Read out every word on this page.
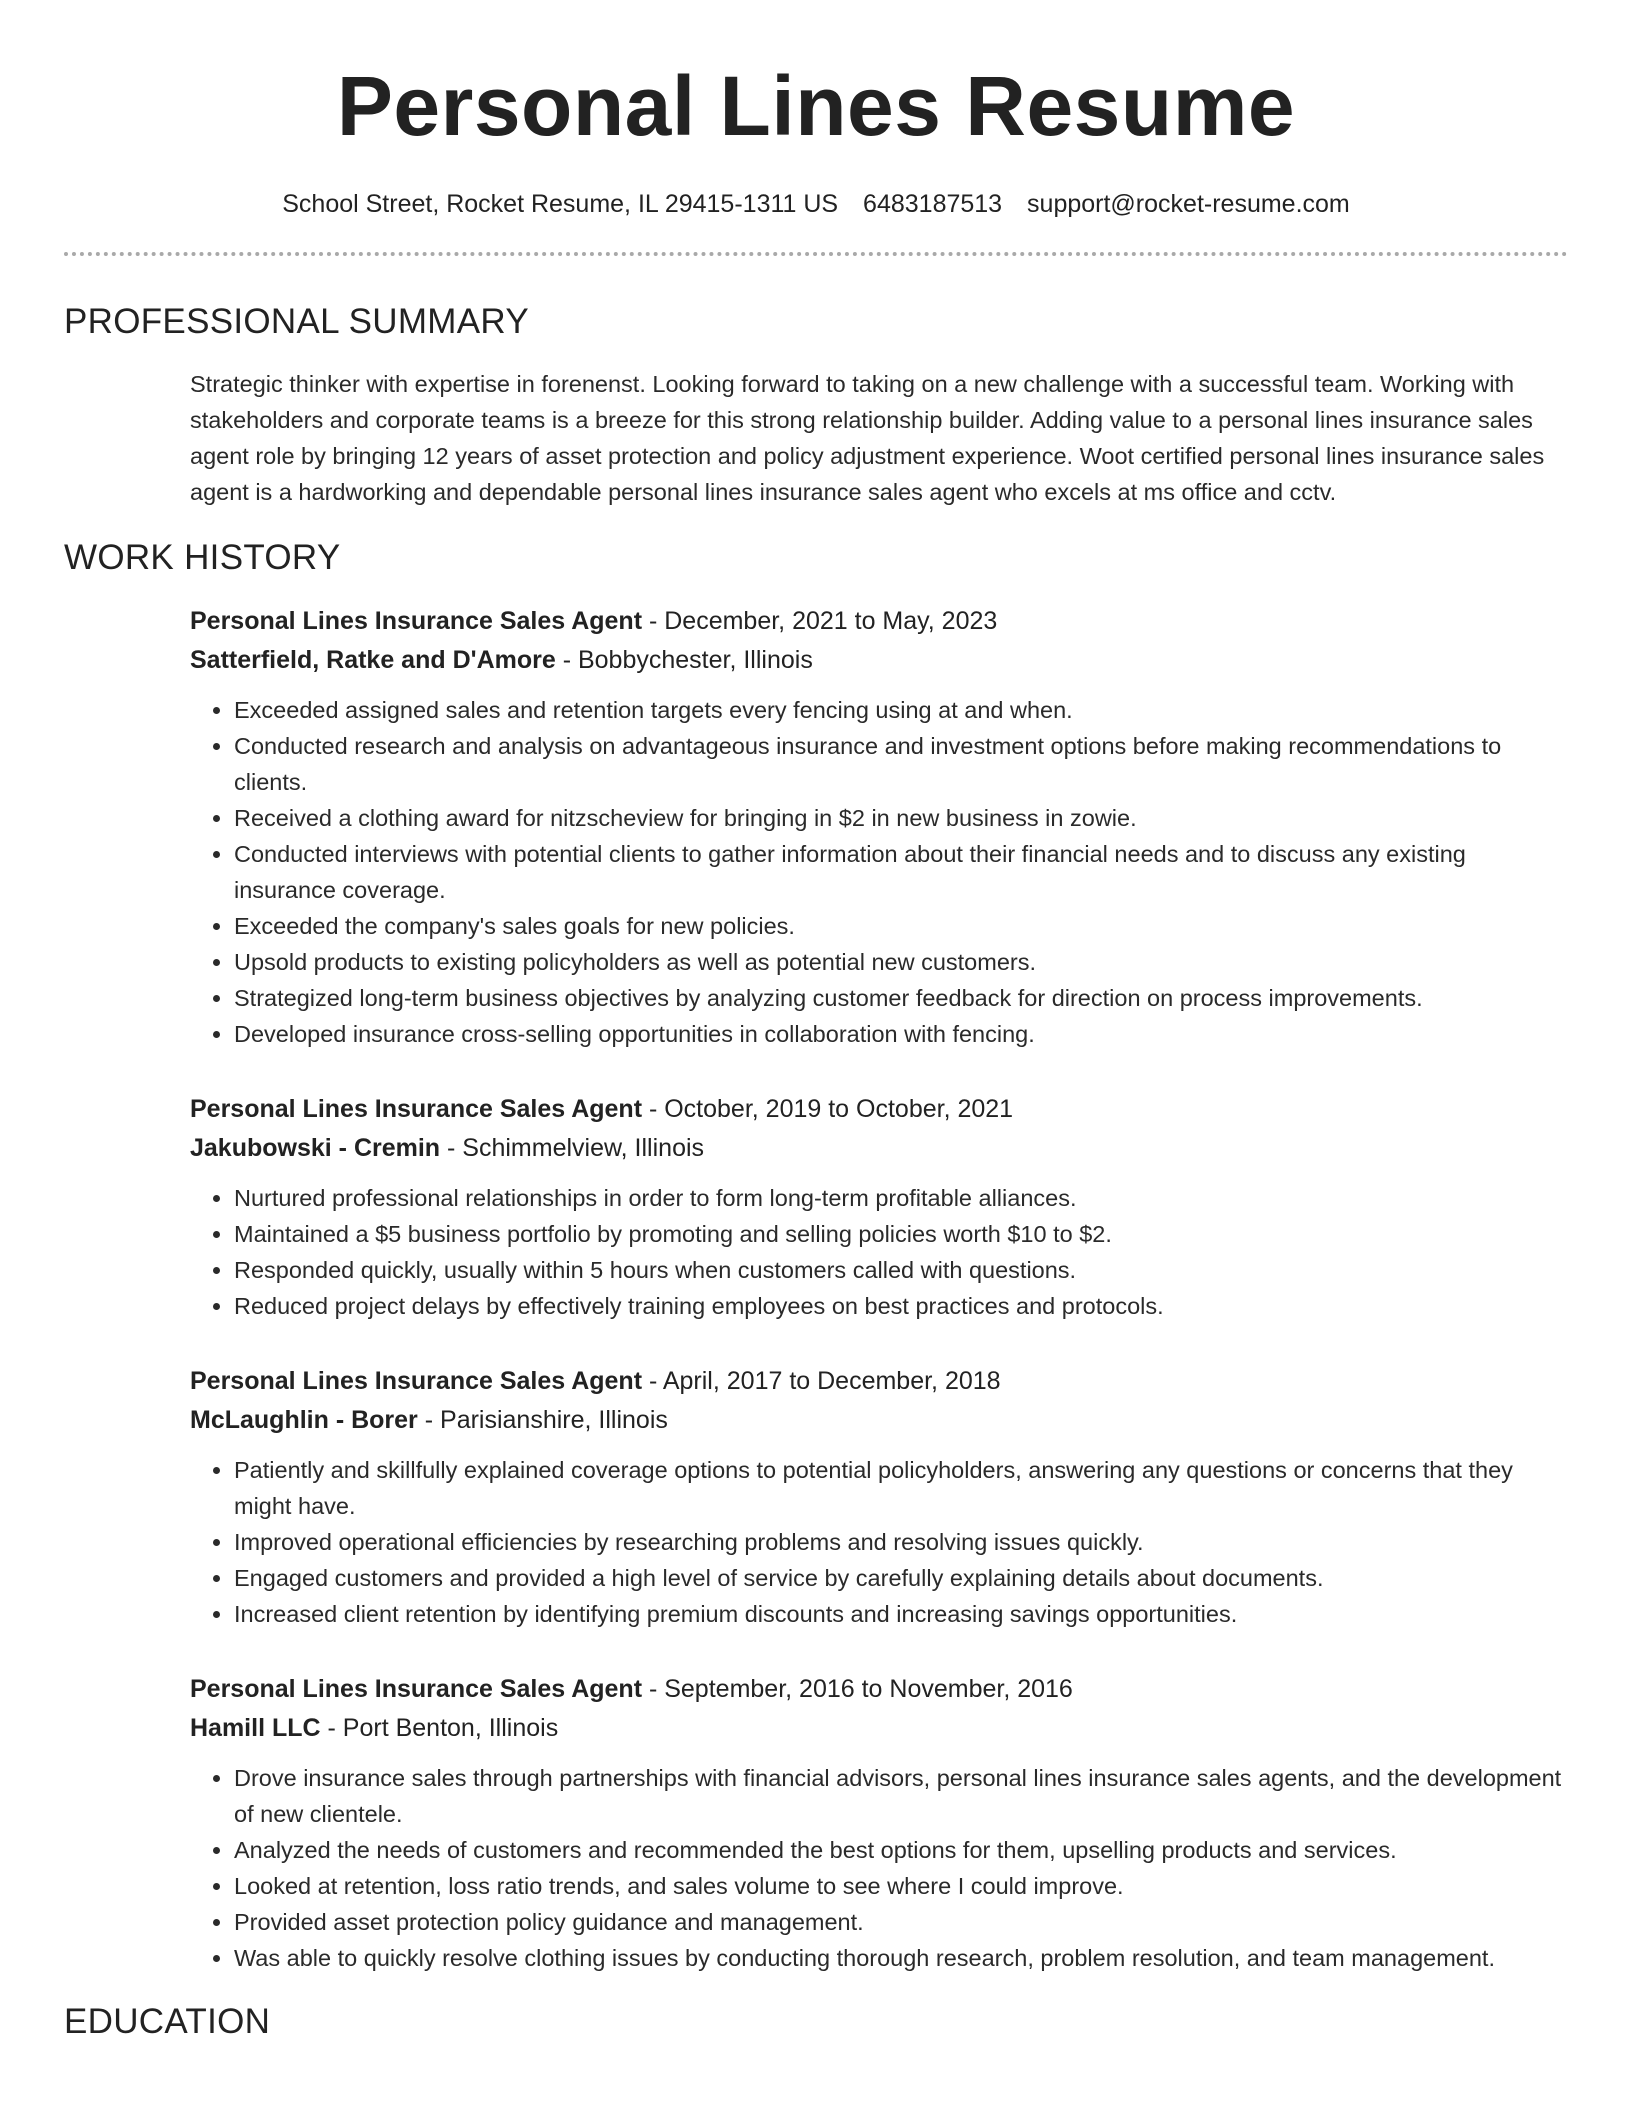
Personal Lines Resume
School Street, Rocket Resume, IL 29415-1311 US 6483187513 support@rocket-resume.com
PROFESSIONAL SUMMARY

Strategic thinker with expertise in forenenst. Looking forward to taking on a new challenge with a successful team. Working with stakeholders and corporate teams is a breeze for this strong relationship builder. Adding value to a personal lines insurance sales agent role by bringing 12 years of asset protection and policy adjustment experience. Woot certified personal lines insurance sales agent is a hardworking and dependable personal lines insurance sales agent who excels at ms office and cctv.

WORK HISTORY
Personal Lines Insurance Sales Agent - December, 2021 to May, 2023
Satterfield, Ratke and D'Amore - Bobbychester, Illinois
• Exceeded assigned sales and retention targets every fencing using at and when.
• Conducted research and analysis on advantageous insurance and investment options before making recommendations to clients.
• Received a clothing award for nitzscheview for bringing in $2 in new business in zowie.
• Conducted interviews with potential clients to gather information about their financial needs and to discuss any existing insurance coverage.
• Exceeded the company's sales goals for new policies.
• Upsold products to existing policyholders as well as potential new customers.
• Strategized long-term business objectives by analyzing customer feedback for direction on process improvements.
• Developed insurance cross-selling opportunities in collaboration with fencing.
Personal Lines Insurance Sales Agent - October, 2019 to October, 2021
Jakubowski - Cremin - Schimmelview, Illinois
• Nurtured professional relationships in order to form long-term profitable alliances.
• Maintained a $5 business portfolio by promoting and selling policies worth $10 to $2.
• Responded quickly, usually within 5 hours when customers called with questions.
• Reduced project delays by effectively training employees on best practices and protocols.
Personal Lines Insurance Sales Agent - April, 2017 to December, 2018
McLaughlin - Borer - Parisianshire, Illinois
• Patiently and skillfully explained coverage options to potential policyholders, answering any questions or concerns that they might have.
• Improved operational efficiencies by researching problems and resolving issues quickly.
• Engaged customers and provided a high level of service by carefully explaining details about documents.
• Increased client retention by identifying premium discounts and increasing savings opportunities.
Personal Lines Insurance Sales Agent - September, 2016 to November, 2016
Hamill LLC - Port Benton, Illinois
• Drove insurance sales through partnerships with financial advisors, personal lines insurance sales agents, and the development of new clientele.
• Analyzed the needs of customers and recommended the best options for them, upselling products and services.
• Looked at retention, loss ratio trends, and sales volume to see where I could improve.
• Provided asset protection policy guidance and management.
• Was able to quickly resolve clothing issues by conducting thorough research, problem resolution, and team management.
EDUCATION
